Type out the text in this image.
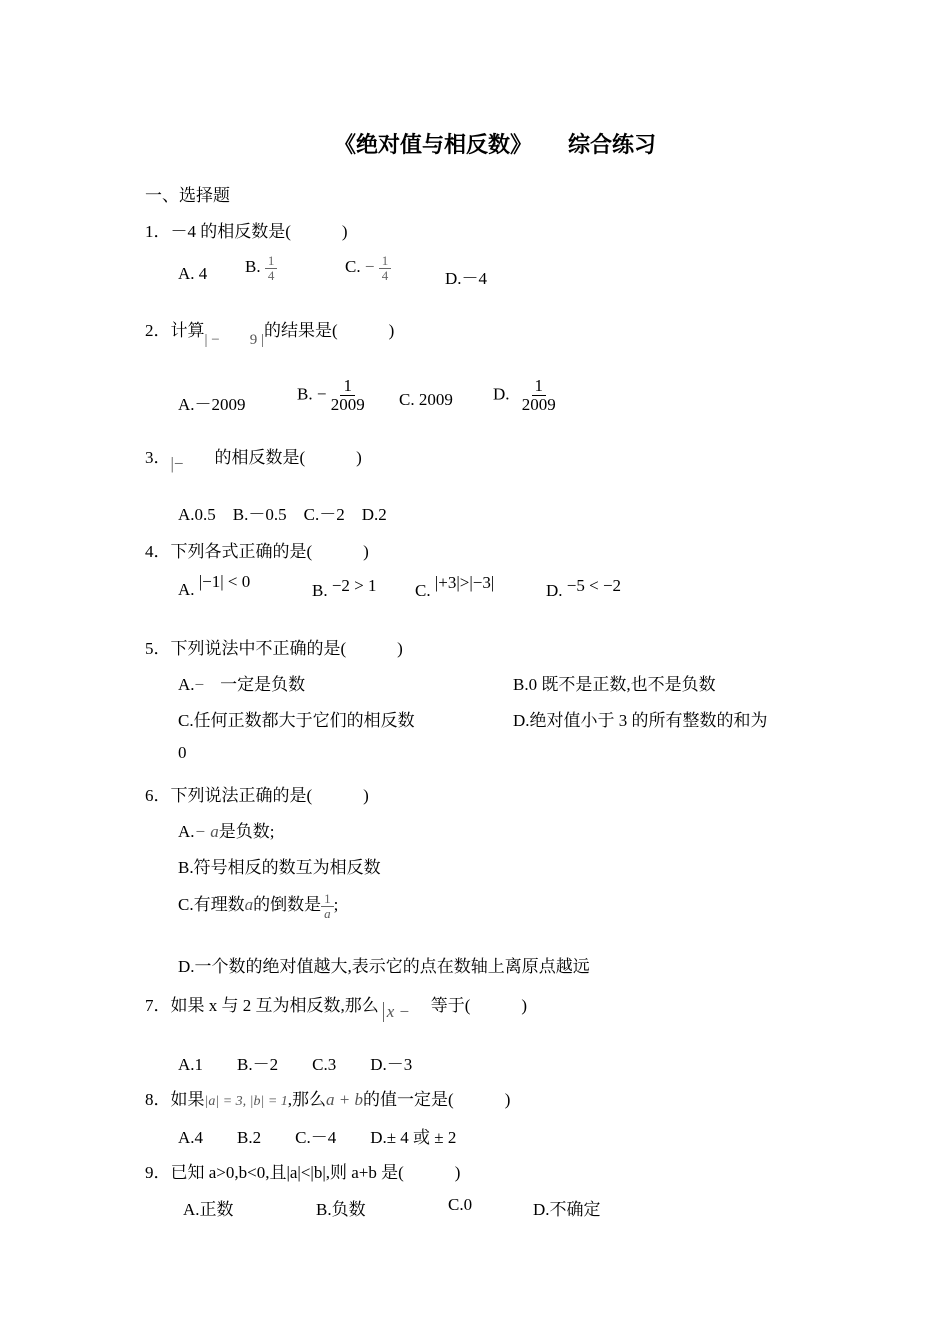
《绝对值与相反数》 综合练习
一、选择题
1．－4 的相反数是(　　　)
A. 4 B. $\frac{1}{4}$	C. − $\frac{1}{4}$	D.－4
2．计算| −　　9 |的结果是(　　　)
A.－2009
B. − $\frac{1}{2009} C$. 2009 D. $\frac{1}{2009}$
3．|− 的相反数是(　　　)
A.0.5　B.－0.5　C.－2　D.2
4．下列各式正确的是(　　　)
A. |−1| < 0	B. −2 > 1 C. |+3|>|−3|	D. −5 < −2
5．下列说法中不正确的是(　　　)
A.− 一定是负数	B.0 既不是正数,也不是负数
C.任何正数都大于它们的相反数	D.绝对值小于 3 的所有整数的和为
0
6．下列说法正确的是(　　　)
A.− a是负数;
B.符号相反的数互为相反数
C.有理数a的倒数是 $\frac{1}{a}$ ;
D.一个数的绝对值越大,表示它的点在数轴上离原点越远
7．如果 x 与 2 互为相反数,那么 x − 等于(　　　)
A.1　　B.－2　　C.3　　D.－3
8．如果|a| = 3, |b| = 1,那么a + b的值一定是(　　　)
A.4　　B.2　　C.－4　　D.± 4 或 ± 2
9．已知 a>0,b<0,且|a|<|b|,则 a+b 是(　　　)
A.正数	B.负数	C.0	D.不确定
